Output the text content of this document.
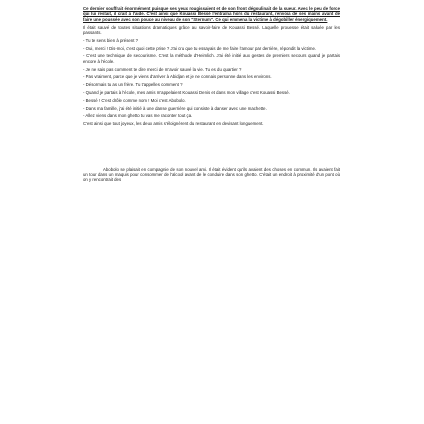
Ce dernier souffrait énormément puisque ses yeux rougissaient et de son front dégoulinait de la sueur. Avec le peu de force qui lui restait, il crait à l'aide. C'est ainsi que Kouassi Bessé l'entraîna hors du restaurant, renvoia de ses mains avant de faire une poussée avec son pouce au niveau de son "Sternum". Ce qui emmena la victime à dégobiller énergiquement.

Il était sauvé de toutes situations dramatiques grâce au savoir-faire de Kouassi Bessé. Laquelle prouesse était saluée par les passants.

- Tu te sens bien à présent ?

- Oui, merci ! Dis-moi, c'est quoi cette prise ? J'ai cru que tu essayais de me faire l'amour par derrière, répondit la victime.

- C'est une technique de secourisme. C'est la méthode d'Heimlich. J'ai été initié aux gestes de premiers secours quand je partais encore à l'école.

- Je ne sais pas comment te dire merci de m'avoir sauvé la vie. Tu es du quartier ?

- Pas vraiment, parce que je viens d'arriver à Abidjan et je ne connais personne dans les environs.

- Désormais tu as un frère. Tu t'appelles comment ?

- Quand je partais à l'école, mes amis m'appelaient Kouassi Denis et dans mon village c'est Kouassi Bessé.

- Bessé ! C'est drôle comme nom ! Moi c'est Abobolo.

- Dans ma famille, j'ai été initié à une danse guerrière qui consiste à danser avec une machette.

- Allez viens dans mon ghetto tu vas me raconter tout ça.

C'est ainsi que tout joyeux, les deux amis s'éloignèrent du restaurant en devisant longuement.

Abobolo se plaisait en compagnie de son nouvel ami. Il était évident qu'ils avaient des choses en commun. Ils avaient fait un tour dans un maquis pour consommer de l'alcool avant de le conduire dans son ghetto. C'était un endroit à proximité d'un pont où on y rencontrait des
